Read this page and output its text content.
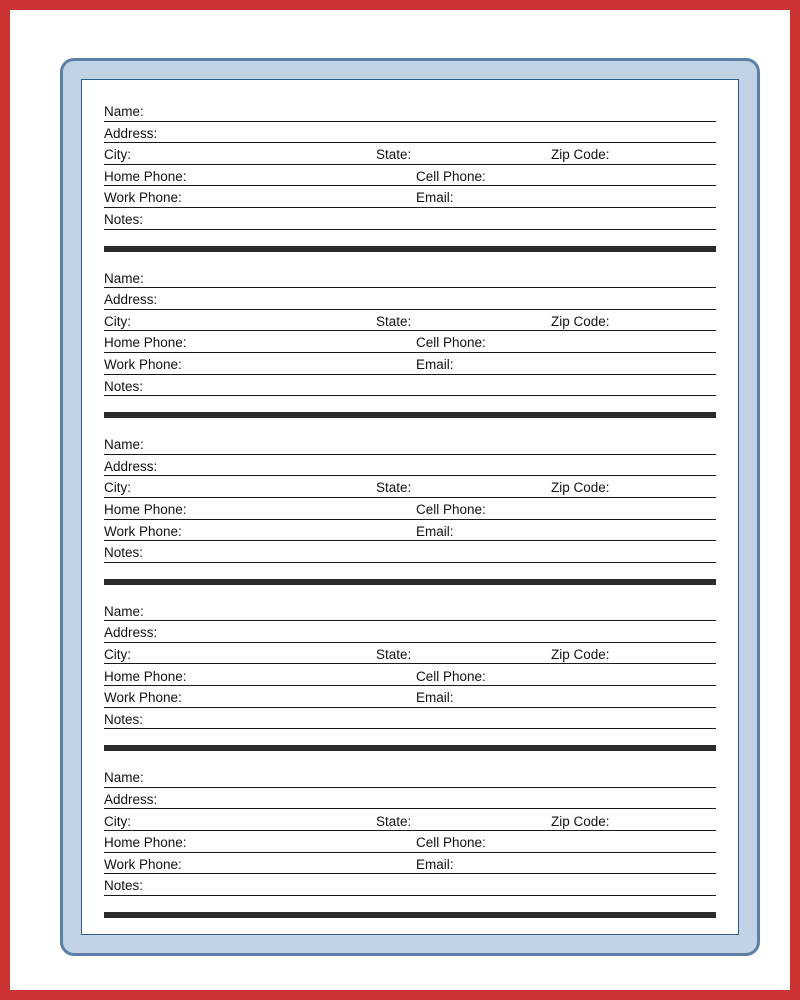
Name:
Address:
City:	State:	Zip Code:
Home Phone:	Cell Phone:
Work Phone:	Email:
Notes:
Name:
Address:
City:	State:	Zip Code:
Home Phone:	Cell Phone:
Work Phone:	Email:
Notes:
Name:
Address:
City:	State:	Zip Code:
Home Phone:	Cell Phone:
Work Phone:	Email:
Notes:
Name:
Address:
City:	State:	Zip Code:
Home Phone:	Cell Phone:
Work Phone:	Email:
Notes:
Name:
Address:
City:	State:	Zip Code:
Home Phone:	Cell Phone:
Work Phone:	Email:
Notes:
